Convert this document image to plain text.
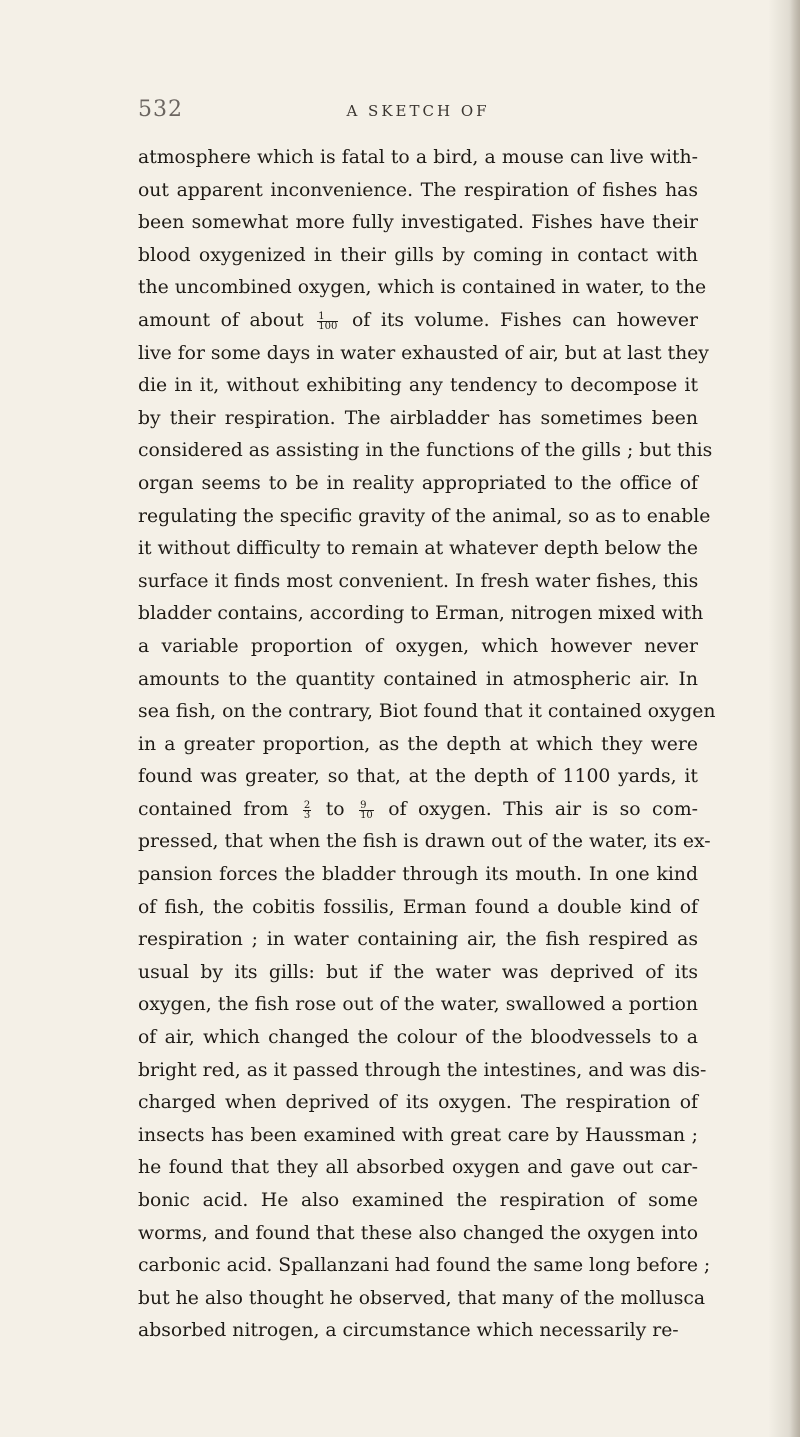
532	A SKETCH OF
atmosphere which is fatal to a bird, a mouse can live with-
out apparent inconvenience. The respiration of fishes has
been somewhat more fully investigated. Fishes have their
blood oxygenized in their gills by coming in contact with
the uncombined oxygen, which is contained in water, to the
amount of about $\frac{1}{100}$ of its volume. Fishes can however
live for some days in water exhausted of air, but at last they
die in it, without exhibiting any tendency to decompose it
by their respiration. The airbladder has sometimes been
considered as assisting in the functions of the gills ; but this
organ seems to be in reality appropriated to the office of
regulating the specific gravity of the animal, so as to enable
it without difficulty to remain at whatever depth below the
surface it finds most convenient. In fresh water fishes, this
bladder contains, according to Erman, nitrogen mixed with
a variable proportion of oxygen, which however never
amounts to the quantity contained in atmospheric air. In
sea fish, on the contrary, Biot found that it contained oxygen
in a greater proportion, as the depth at which they were
found was greater, so that, at the depth of 1100 yards, it
contained from $\frac{2}{3}$ to $\frac{9}{10}$ of oxygen. This air is so com-
pressed, that when the fish is drawn out of the water, its ex-
pansion forces the bladder through its mouth. In one kind
of fish, the cobitis fossilis, Erman found a double kind of
respiration ; in water containing air, the fish respired as
usual by its gills: but if the water was deprived of its
oxygen, the fish rose out of the water, swallowed a portion
of air, which changed the colour of the bloodvessels to a
bright red, as it passed through the intestines, and was dis-
charged when deprived of its oxygen. The respiration of
insects has been examined with great care by Haussman ;
he found that they all absorbed oxygen and gave out car-
bonic acid. He also examined the respiration of some
worms, and found that these also changed the oxygen into
carbonic acid. Spallanzani had found the same long before ;
but he also thought he observed, that many of the mollusca
absorbed nitrogen, a circumstance which necessarily re-
